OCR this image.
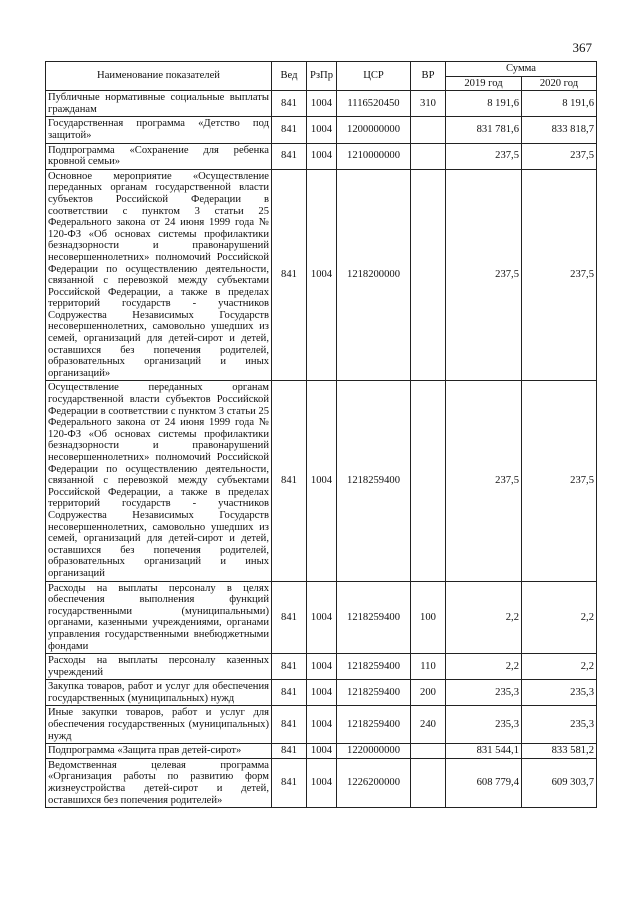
367
Наименование показателей	Вед	РзПр	ЦСР	ВР	Сумма	
					2019 год	2020 год
Публичные нормативные социальные выплаты гражданам	841	1004	1116520450	310	8 191,6	8 191,6
Государственная программа «Детство под защитой»	841	1004	1200000000		831 781,6	833 818,7
Подпрограмма «Сохранение для ребенка кровной семьи»	841	1004	1210000000		237,5	237,5
Основное мероприятие «Осуществление переданных органам государственной власти субъектов Российской Федерации в соответствии с пунктом 3 статьи 25 Федерального закона от 24 июня 1999 года № 120-ФЗ «Об основах системы профилактики безнадзорности и правонарушений несовершеннолетних» полномочий Российской Федерации по осуществлению деятельности, связанной с перевозкой между субъектами Российской Федерации, а также в пределах территорий государств - участников Содружества Независимых Государств несовершеннолетних, самовольно ушедших из семей, организаций для детей-сирот и детей, оставшихся без попечения родителей, образовательных организаций и иных организаций»	841	1004	1218200000		237,5	237,5
Осуществление переданных органам государственной власти субъектов Российской Федерации в соответствии с пунктом 3 статьи 25 Федерального закона от 24 июня 1999 года № 120-ФЗ «Об основах системы профилактики безнадзорности и правонарушений несовершеннолетних» полномочий Российской Федерации по осуществлению деятельности, связанной с перевозкой между субъектами Российской Федерации, а также в пределах территорий государств - участников Содружества Независимых Государств несовершеннолетних, самовольно ушедших из семей, организаций для детей-сирот и детей, оставшихся без попечения родителей, образовательных организаций и иных организаций	841	1004	1218259400		237,5	237,5
Расходы на выплаты персоналу в целях обеспечения выполнения функций государственными (муниципальными) органами, казенными учреждениями, органами управления государственными внебюджетными фондами	841	1004	1218259400	100	2,2	2,2
Расходы на выплаты персоналу казенных учреждений	841	1004	1218259400	110	2,2	2,2
Закупка товаров, работ и услуг для обеспечения государственных (муниципальных) нужд	841	1004	1218259400	200	235,3	235,3
Иные закупки товаров, работ и услуг для обеспечения государственных (муниципальных) нужд	841	1004	1218259400	240	235,3	235,3
Подпрограмма «Защита прав детей-сирот»	841	1004	1220000000		831 544,1	833 581,2
Ведомственная целевая программа «Организация работы по развитию форм жизнеустройства детей-сирот и детей, оставшихся без попечения родителей»	841	1004	1226200000		608 779,4	609 303,7
